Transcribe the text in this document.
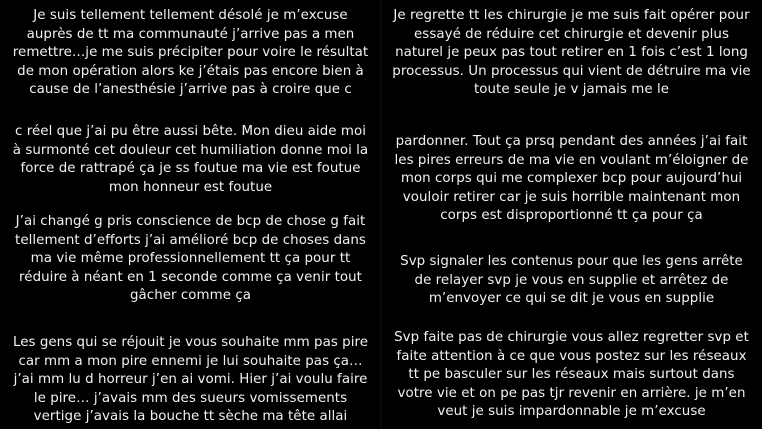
Je suis tellement tellement désolé je m’excuse
auprès de tt ma communauté j’arrive pas a men
remettre…je me suis précipiter pour voire le résultat
de mon opération alors ke j’étais pas encore bien à
cause de l’anesthésie j’arrive pas à croire que c

c réel que j’ai pu être aussi bête. Mon dieu aide moi
à surmonté cet douleur cet humiliation donne moi la
force de rattrapé ça je ss foutue ma vie est foutue
mon honneur est foutue

J’ai changé g pris conscience de bcp de chose g fait
tellement d’efforts j’ai amélioré bcp de choses dans
ma vie même professionnellement tt ça pour tt
réduire à néant en 1 seconde comme ça venir tout
gâcher comme ça

Les gens qui se réjouit je vous souhaite mm pas pire
car mm a mon pire ennemi je lui souhaite pas ça…
j’ai mm lu d horreur j’en ai vomi. Hier j’ai voulu faire
le pire… j’avais mm des sueurs vomissements
vertige j’avais la bouche tt sèche ma tête allai

Je regrette tt les chirurgie je me suis fait opérer pour
essayé de réduire cet chirurgie et devenir plus
naturel je peux pas tout retirer en 1 fois c’est 1 long
processus. Un processus qui vient de détruire ma vie
toute seule je v jamais me le

pardonner. Tout ça prsq pendant des années j’ai fait
les pires erreurs de ma vie en voulant m’éloigner de
mon corps qui me complexer bcp pour aujourd’hui
vouloir retirer car je suis horrible maintenant mon
corps est disproportionné tt ça pour ça

Svp signaler les contenus pour que les gens arrête
de relayer svp je vous en supplie et arrêtez de
m’envoyer ce qui se dit je vous en supplie

Svp faite pas de chirurgie vous allez regretter svp et
faite attention à ce que vous postez sur les réseaux
tt pe basculer sur les réseaux mais surtout dans
votre vie et on pe pas tjr revenir en arrière. je m’en
veut je suis impardonnable je m’excuse
